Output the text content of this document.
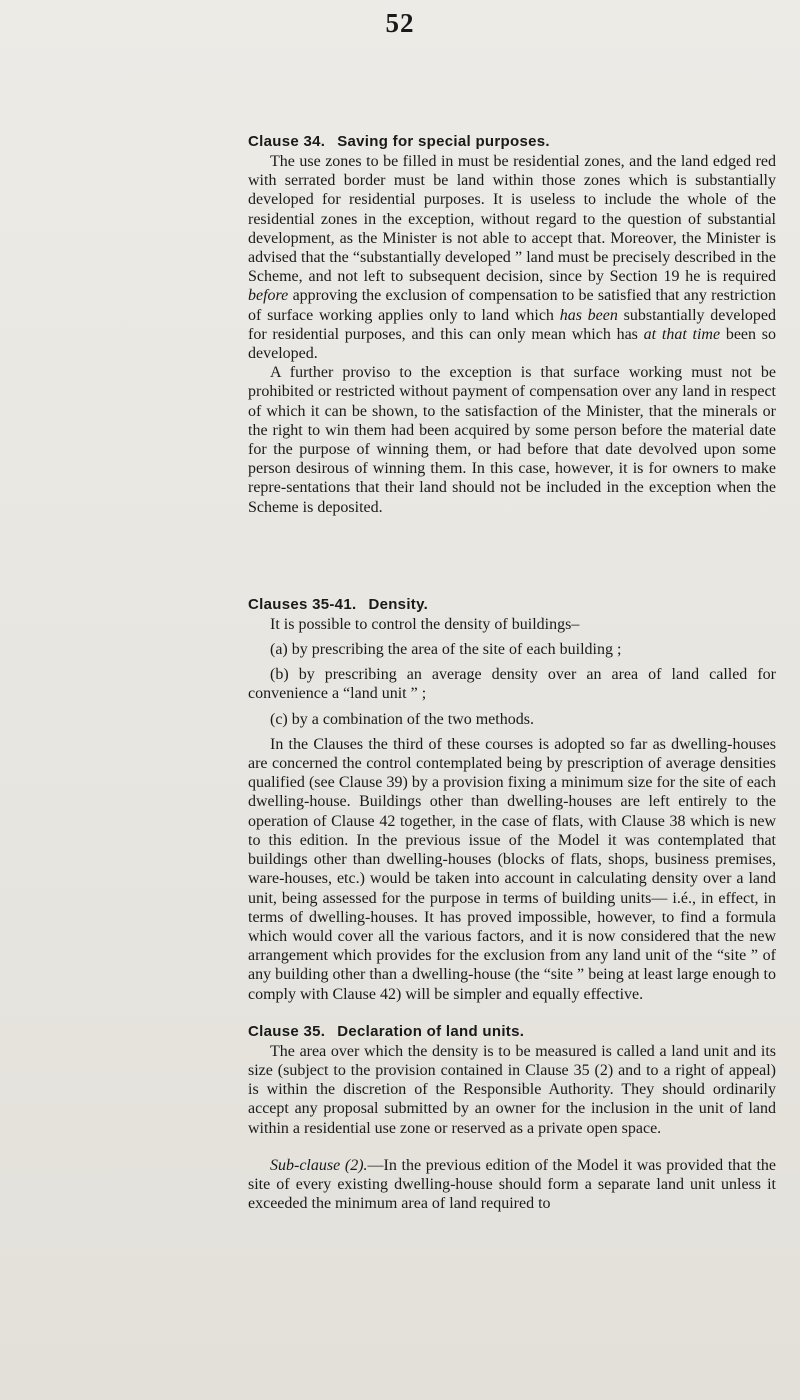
52
Clause 34. Saving for special purposes.

The use zones to be filled in must be residential zones, and the land edged red with serrated border must be land within those zones which is substantially developed for residential purposes. It is useless to include the whole of the residential zones in the exception, without regard to the question of substantial development, as the Minister is not able to accept that. Moreover, the Minister is advised that the “substantially developed ” land must be precisely described in the Scheme, and not left to subsequent decision, since by Section 19 he is required before approving the exclusion of compensation to be satisfied that any restriction of surface working applies only to land which has been substantially developed for residential purposes, and this can only mean which has at that time been so developed.

A further proviso to the exception is that surface working must not be prohibited or restricted without payment of compensation over any land in respect of which it can be shown, to the satisfaction of the Minister, that the minerals or the right to win them had been acquired by some person before the material date for the purpose of winning them, or had before that date devolved upon some person desirous of winning them. In this case, however, it is for owners to make repre-sentations that their land should not be included in the exception when the Scheme is deposited.

Clauses 35-41. Density.

It is possible to control the density of buildings–

(a) by prescribing the area of the site of each building ;

(b) by prescribing an average density over an area of land called for convenience a “land unit ” ;

(c) by a combination of the two methods.

In the Clauses the third of these courses is adopted so far as dwelling-houses are concerned the control contemplated being by prescription of average densities qualified (see Clause 39) by a provision fixing a minimum size for the site of each dwelling-house. Buildings other than dwelling-houses are left entirely to the operation of Clause 42 together, in the case of flats, with Clause 38 which is new to this edition. In the previous issue of the Model it was contemplated that buildings other than dwelling-houses (blocks of flats, shops, business premises, ware-houses, etc.) would be taken into account in calculating density over a land unit, being assessed for the purpose in terms of building units— i.é., in effect, in terms of dwelling-houses. It has proved impossible, however, to find a formula which would cover all the various factors, and it is now considered that the new arrangement which provides for the exclusion from any land unit of the “site ” of any building other than a dwelling-house (the “site ” being at least large enough to comply with Clause 42) will be simpler and equally effective.

Clause 35. Declaration of land units.

The area over which the density is to be measured is called a land unit and its size (subject to the provision contained in Clause 35 (2) and to a right of appeal) is within the discretion of the Responsible Authority. They should ordinarily accept any proposal submitted by an owner for the inclusion in the unit of land within a residential use zone or reserved as a private open space.

Sub-clause (2).—In the previous edition of the Model it was provided that the site of every existing dwelling-house should form a separate land unit unless it exceeded the minimum area of land required to
